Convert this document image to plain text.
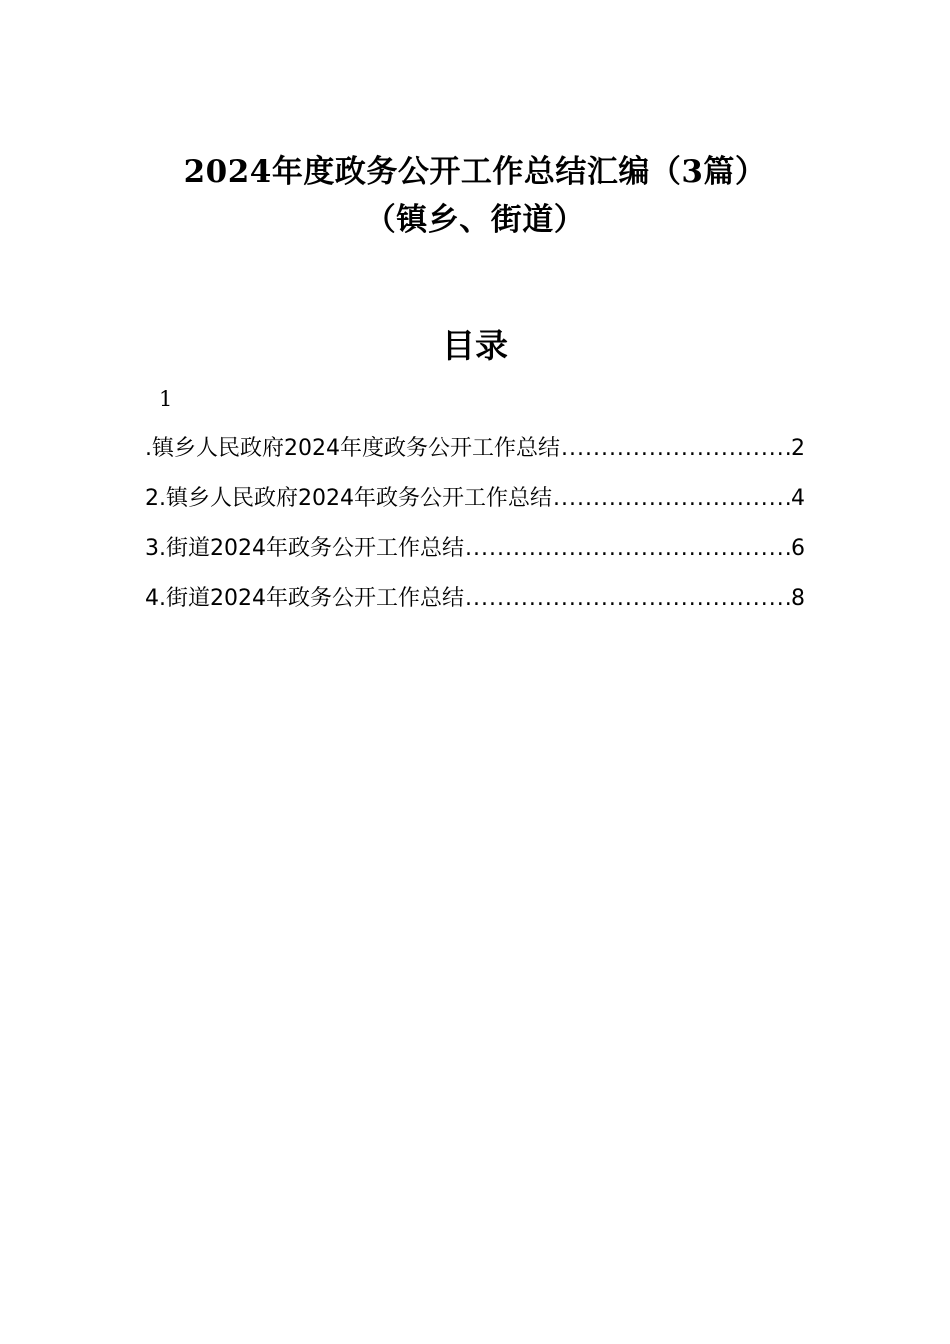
2024年度政务公开工作总结汇编（3篇）
（镇乡、街道）
目录
1
.镇乡人民政府2024年度政务公开工作总结 .....	2
2.镇乡人民政府2024年政务公开工作总结 .....	4
3.街道2024年政务公开工作总结 .....	6
4.街道2024年政务公开工作总结 .....	8
